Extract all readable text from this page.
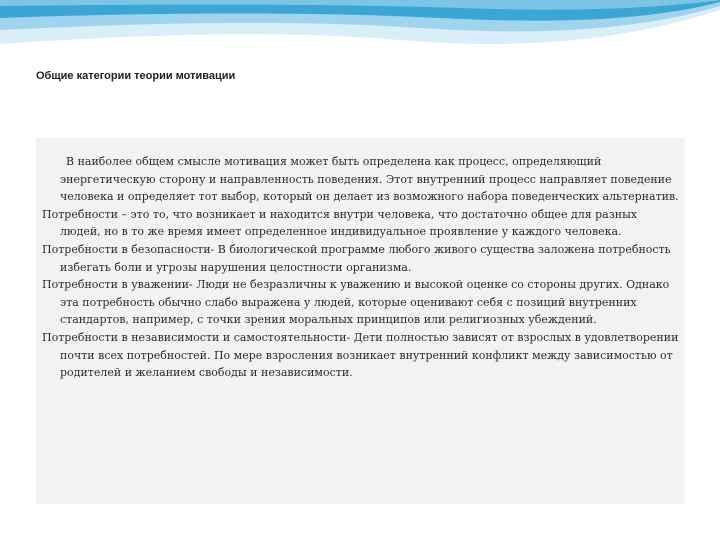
Общие категории теории мотивации

В наиболее общем смысле мотивация может быть определена как процесс, определяющий энергетическую сторону и направленность поведения. Этот внутренний процесс направляет поведение человека и определяет тот выбор, который он делает из возможного набора поведенческих альтернатив.

Потребности – это то, что возникает и находится внутри человека, что достаточно общее для разных людей, но в то же время имеет определенное индивидуальное проявление у каждого человека.

Потребности в безопасности- В биологической программе любого живого существа заложена потребность избегать боли и угрозы нарушения целостности организма.

Потребности в уважении- Люди не безразличны к уважению и высокой оценке со стороны других. Однако эта потребность обычно слабо выражена у людей, которые оценивают себя с позиций внутренних стандартов, например, с точки зрения моральных принципов или религиозных убеждений.

Потребности в независимости и самостоятельности- Дети полностью зависят от взрослых в удовлетворении почти всех потребностей. По мере взросления возникает внутренний конфликт между зависимостью от родителей и желанием свободы и независимости.
